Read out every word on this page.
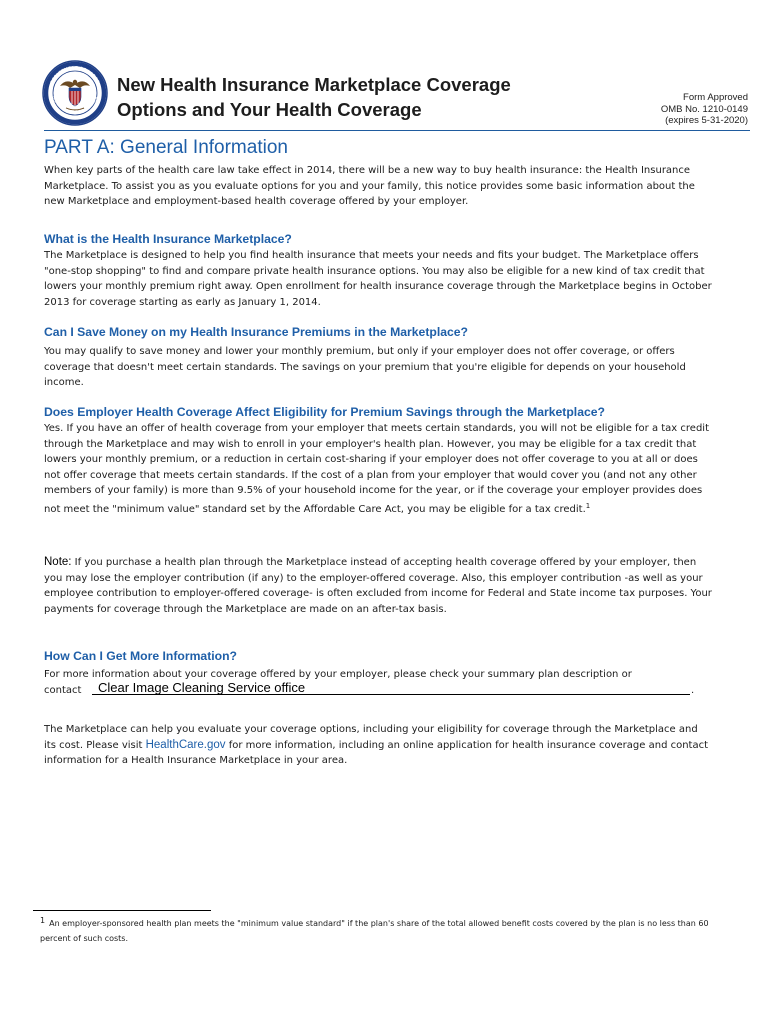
DEPARTMENT OF LABOR
UNITED STATES OF AMERICA
New Health Insurance Marketplace Coverage
Options and Your Health Coverage
Form Approved
OMB No. 1210-0149
(expires 5-31-2020)
PART A: General Information

When key parts of the health care law take effect in 2014, there will be a new way to buy health insurance: the Health Insurance Marketplace. To assist you as you evaluate options for you and your family, this notice provides some basic information about the new Marketplace and employment-based health coverage offered by your employer.

What is the Health Insurance Marketplace?

The Marketplace is designed to help you find health insurance that meets your needs and fits your budget. The Marketplace offers "one-stop shopping" to find and compare private health insurance options. You may also be eligible for a new kind of tax credit that lowers your monthly premium right away. Open enrollment for health insurance coverage through the Marketplace begins in October 2013 for coverage starting as early as January 1, 2014.

Can I Save Money on my Health Insurance Premiums in the Marketplace?

You may qualify to save money and lower your monthly premium, but only if your employer does not offer coverage, or offers coverage that doesn't meet certain standards. The savings on your premium that you're eligible for depends on your household income.

Does Employer Health Coverage Affect Eligibility for Premium Savings through the Marketplace?

Yes. If you have an offer of health coverage from your employer that meets certain standards, you will not be eligible for a tax credit through the Marketplace and may wish to enroll in your employer's health plan. However, you may be eligible for a tax credit that lowers your monthly premium, or a reduction in certain cost-sharing if your employer does not offer coverage to you at all or does not offer coverage that meets certain standards. If the cost of a plan from your employer that would cover you (and not any other members of your family) is more than 9.5% of your household income for the year, or if the coverage your employer provides does not meet the "minimum value" standard set by the Affordable Care Act, you may be eligible for a tax credit.$^1$

Note: If you purchase a health plan through the Marketplace instead of accepting health coverage offered by your employer, then you may lose the employer contribution (if any) to the employer-offered coverage. Also, this employer contribution -as well as your employee contribution to employer-offered coverage- is often excluded from income for Federal and State income tax purposes. Your payments for coverage through the Marketplace are made on an after-tax basis.

How Can I Get More Information?

For more information about your coverage offered by your employer, please check your summary plan description or

contact	Clear Image Cleaning Service office	.

The Marketplace can help you evaluate your coverage options, including your eligibility for coverage through the Marketplace and its cost. Please visit HealthCare.gov for more information, including an online application for health insurance coverage and contact information for a Health Insurance Marketplace in your area.

$^1$ An employer-sponsored health plan meets the "minimum value standard" if the plan's share of the total allowed benefit costs covered by the plan is no less than 60 percent of such costs.
